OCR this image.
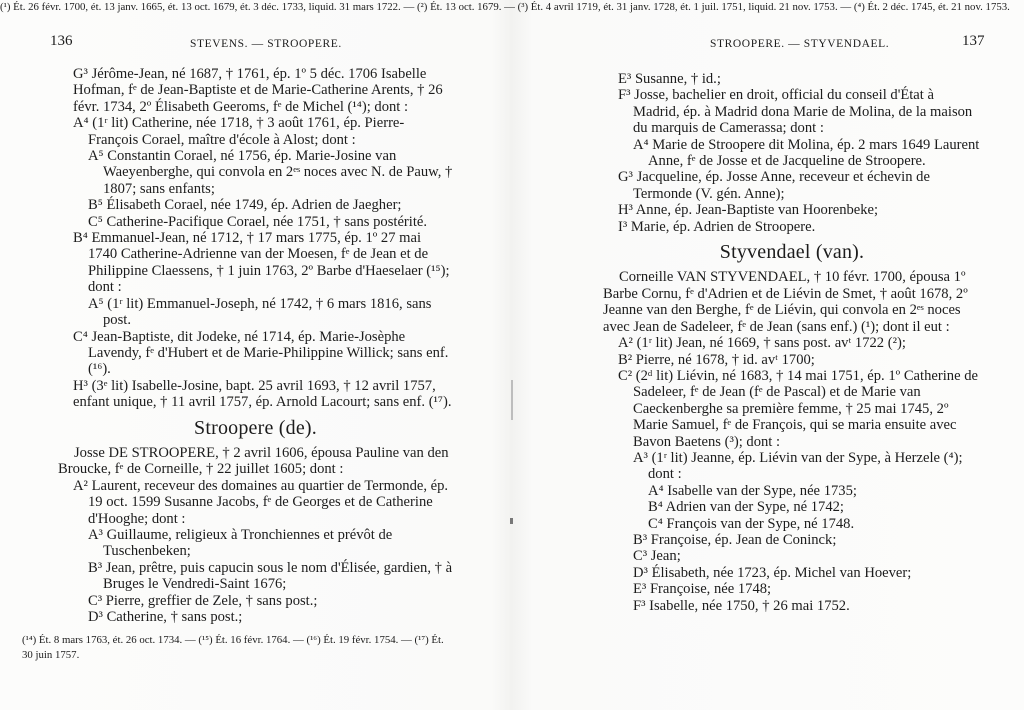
136	STEVENS. — STROOPERE.

G³ Jérôme-Jean, né 1687, † 1761, ép. 1º 5 déc. 1706 Isabelle Hofman, fᵉ de Jean-Baptiste et de Marie-Catherine Arents, † 26 févr. 1734, 2º Élisabeth Geeroms, fᵉ de Michel (¹⁴); dont :

A⁴ (1ʳ lit) Catherine, née 1718, † 3 août 1761, ép. Pierre-François Corael, maître d'école à Alost; dont :

A⁵ Constantin Corael, né 1756, ép. Marie-Josine van Waeyenberghe, qui convola en 2ᵉˢ noces avec N. de Pauw, † 1807; sans enfants;

B⁵ Élisabeth Corael, née 1749, ép. Adrien de Jaegher;

C⁵ Catherine-Pacifique Corael, née 1751, † sans postérité.

B⁴ Emmanuel-Jean, né 1712, † 17 mars 1775, ép. 1º 27 mai 1740 Catherine-Adrienne van der Moesen, fᵉ de Jean et de Philippine Claessens, † 1 juin 1763, 2º Barbe d'Haeselaer (¹⁵); dont :

A⁵ (1ʳ lit) Emmanuel-Joseph, né 1742, † 6 mars 1816, sans post.

C⁴ Jean-Baptiste, dit Jodeke, né 1714, ép. Marie-Josèphe Lavendy, fᵉ d'Hubert et de Marie-Philippine Willick; sans enf. (¹⁶).

H³ (3ᵉ lit) Isabelle-Josine, bapt. 25 avril 1693, † 12 avril 1757, enfant unique, † 11 avril 1757, ép. Arnold Lacourt; sans enf. (¹⁷).

Stroopere (de).

Josse DE STROOPERE, † 2 avril 1606, épousa Pauline van den Broucke, fᵉ de Corneille, † 22 juillet 1605; dont :

A² Laurent, receveur des domaines au quartier de Termonde, ép. 19 oct. 1599 Susanne Jacobs, fᵉ de Georges et de Catherine d'Hooghe; dont :

A³ Guillaume, religieux à Tronchiennes et prévôt de Tuschenbeken;

B³ Jean, prêtre, puis capucin sous le nom d'Élisée, gardien, † à Bruges le Vendredi-Saint 1676;

C³ Pierre, greffier de Zele, † sans post.;

D³ Catherine, † sans post.;

(¹⁴) Ét. 8 mars 1763, ét. 26 oct. 1734. — (¹⁵) Ét. 16 févr. 1764. — (¹⁶) Ét. 19 févr. 1754. — (¹⁷) Ét. 30 juin 1757.
STROOPERE. — STYVENDAEL.	137

E³ Susanne, † id.;

F³ Josse, bachelier en droit, official du conseil d'État à Madrid, ép. à Madrid dona Marie de Molina, de la maison du marquis de Camerassa; dont :

A⁴ Marie de Stroopere dit Molina, ép. 2 mars 1649 Laurent Anne, fᵉ de Josse et de Jacqueline de Stroopere.

G³ Jacqueline, ép. Josse Anne, receveur et échevin de Termonde (V. gén. Anne);

H³ Anne, ép. Jean-Baptiste van Hoorenbeke;

I³ Marie, ép. Adrien de Stroopere.

Styvendael (van).

Corneille VAN STYVENDAEL, † 10 févr. 1700, épousa 1º Barbe Cornu, fᵉ d'Adrien et de Liévin de Smet, † août 1678, 2º Jeanne van den Berghe, fᵉ de Liévin, qui convola en 2ᵉˢ noces avec Jean de Sadeleer, fᵉ de Jean (sans enf.) (¹); dont il eut :

A² (1ʳ lit) Jean, né 1669, † sans post. avᵗ 1722 (²);

B² Pierre, né 1678, † id. avᵗ 1700;

C² (2ᵈ lit) Liévin, né 1683, † 14 mai 1751, ép. 1º Catherine de Sadeleer, fᵉ de Jean (fᵉ de Pascal) et de Marie van Caeckenberghe sa première femme, † 25 mai 1745, 2º Marie Samuel, fᵉ de François, qui se maria ensuite avec Bavon Baetens (³); dont :

A³ (1ʳ lit) Jeanne, ép. Liévin van der Sype, à Herzele (⁴); dont :

A⁴ Isabelle van der Sype, née 1735;

B⁴ Adrien van der Sype, né 1742;

C⁴ François van der Sype, né 1748.

B³ Françoise, ép. Jean de Coninck;

C³ Jean;

D³ Élisabeth, née 1723, ép. Michel van Hoever;

E³ Françoise, née 1748;

F³ Isabelle, née 1750, † 26 mai 1752.

(¹) Ét. 26 févr. 1700, ét. 13 janv. 1665, ét. 13 oct. 1679, ét. 3 déc. 1733, liquid. 31 mars 1722. — (²) Ét. 13 oct. 1679. — (³) Ét. 4 avril 1719, ét. 31 janv. 1728, ét. 1 juil. 1751, liquid. 21 nov. 1753. — (⁴) Ét. 2 déc. 1745, ét. 21 nov. 1753.
